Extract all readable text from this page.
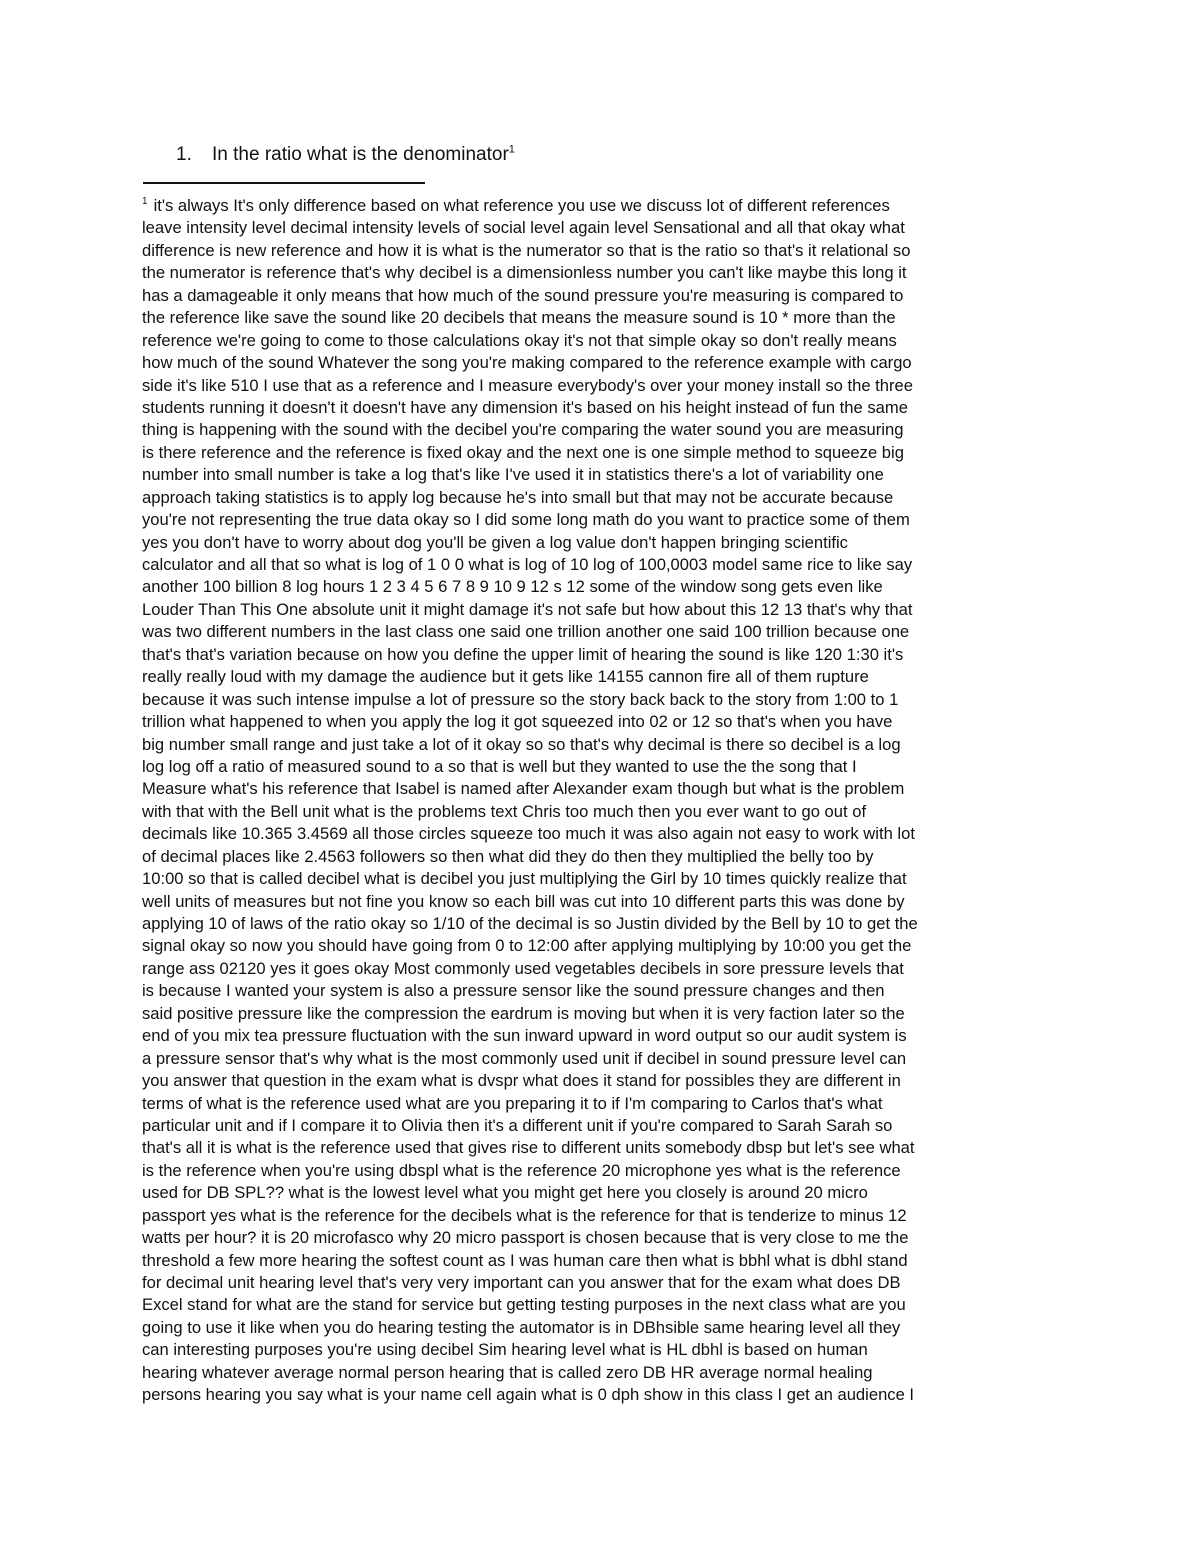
1. In the ratio what is the denominator$^1$
$^1$ it's always It's only difference based on what reference you use we discuss lot of different references
leave intensity level decimal intensity levels of social level again level Sensational and all that okay what
difference is new reference and how it is what is the numerator so that is the ratio so that's it relational so
the numerator is reference that's why decibel is a dimensionless number you can't like maybe this long it
has a damageable it only means that how much of the sound pressure you're measuring is compared to
the reference like save the sound like 20 decibels that means the measure sound is 10 * more than the
reference we're going to come to those calculations okay it's not that simple okay so don't really means
how much of the sound Whatever the song you're making compared to the reference example with cargo
side it's like 510 I use that as a reference and I measure everybody's over your money install so the three
students running it doesn't it doesn't have any dimension it's based on his height instead of fun the same
thing is happening with the sound with the decibel you're comparing the water sound you are measuring
is there reference and the reference is fixed okay and the next one is one simple method to squeeze big
number into small number is take a log that's like I've used it in statistics there's a lot of variability one
approach taking statistics is to apply log because he's into small but that may not be accurate because
you're not representing the true data okay so I did some long math do you want to practice some of them
yes you don't have to worry about dog you'll be given a log value don't happen bringing scientific
calculator and all that so what is log of 1 0 0 what is log of 10 log of 100,0003 model same rice to like say
another 100 billion 8 log hours 1 2 3 4 5 6 7 8 9 10 9 12 s 12 some of the window song gets even like
Louder Than This One absolute unit it might damage it's not safe but how about this 12 13 that's why that
was two different numbers in the last class one said one trillion another one said 100 trillion because one
that's that's variation because on how you define the upper limit of hearing the sound is like 120 1:30 it's
really really loud with my damage the audience but it gets like 14155 cannon fire all of them rupture
because it was such intense impulse a lot of pressure so the story back back to the story from 1:00 to 1
trillion what happened to when you apply the log it got squeezed into 02 or 12 so that's when you have
big number small range and just take a lot of it okay so so that's why decimal is there so decibel is a log
log log off a ratio of measured sound to a so that is well but they wanted to use the the song that I
Measure what's his reference that Isabel is named after Alexander exam though but what is the problem
with that with the Bell unit what is the problems text Chris too much then you ever want to go out of
decimals like 10.365 3.4569 all those circles squeeze too much it was also again not easy to work with lot
of decimal places like 2.4563 followers so then what did they do then they multiplied the belly too by
10:00 so that is called decibel what is decibel you just multiplying the Girl by 10 times quickly realize that
well units of measures but not fine you know so each bill was cut into 10 different parts this was done by
applying 10 of laws of the ratio okay so 1/10 of the decimal is so Justin divided by the Bell by 10 to get the
signal okay so now you should have going from 0 to 12:00 after applying multiplying by 10:00 you get the
range ass 02120 yes it goes okay Most commonly used vegetables decibels in sore pressure levels that
is because I wanted your system is also a pressure sensor like the sound pressure changes and then
said positive pressure like the compression the eardrum is moving but when it is very faction later so the
end of you mix tea pressure fluctuation with the sun inward upward in word output so our audit system is
a pressure sensor that's why what is the most commonly used unit if decibel in sound pressure level can
you answer that question in the exam what is dvspr what does it stand for possibles they are different in
terms of what is the reference used what are you preparing it to if I'm comparing to Carlos that's what
particular unit and if I compare it to Olivia then it's a different unit if you're compared to Sarah Sarah so
that's all it is what is the reference used that gives rise to different units somebody dbsp but let's see what
is the reference when you're using dbspl what is the reference 20 microphone yes what is the reference
used for DB SPL?? what is the lowest level what you might get here you closely is around 20 micro
passport yes what is the reference for the decibels what is the reference for that is tenderize to minus 12
watts per hour? it is 20 microfasco why 20 micro passport is chosen because that is very close to me the
threshold a few more hearing the softest count as I was human care then what is bbhl what is dbhl stand
for decimal unit hearing level that's very very important can you answer that for the exam what does DB
Excel stand for what are the stand for service but getting testing purposes in the next class what are you
going to use it like when you do hearing testing the automator is in DBhsible same hearing level all they
can interesting purposes you're using decibel Sim hearing level what is HL dbhl is based on human
hearing whatever average normal person hearing that is called zero DB HR average normal healing
persons hearing you say what is your name cell again what is 0 dph show in this class I get an audience I
